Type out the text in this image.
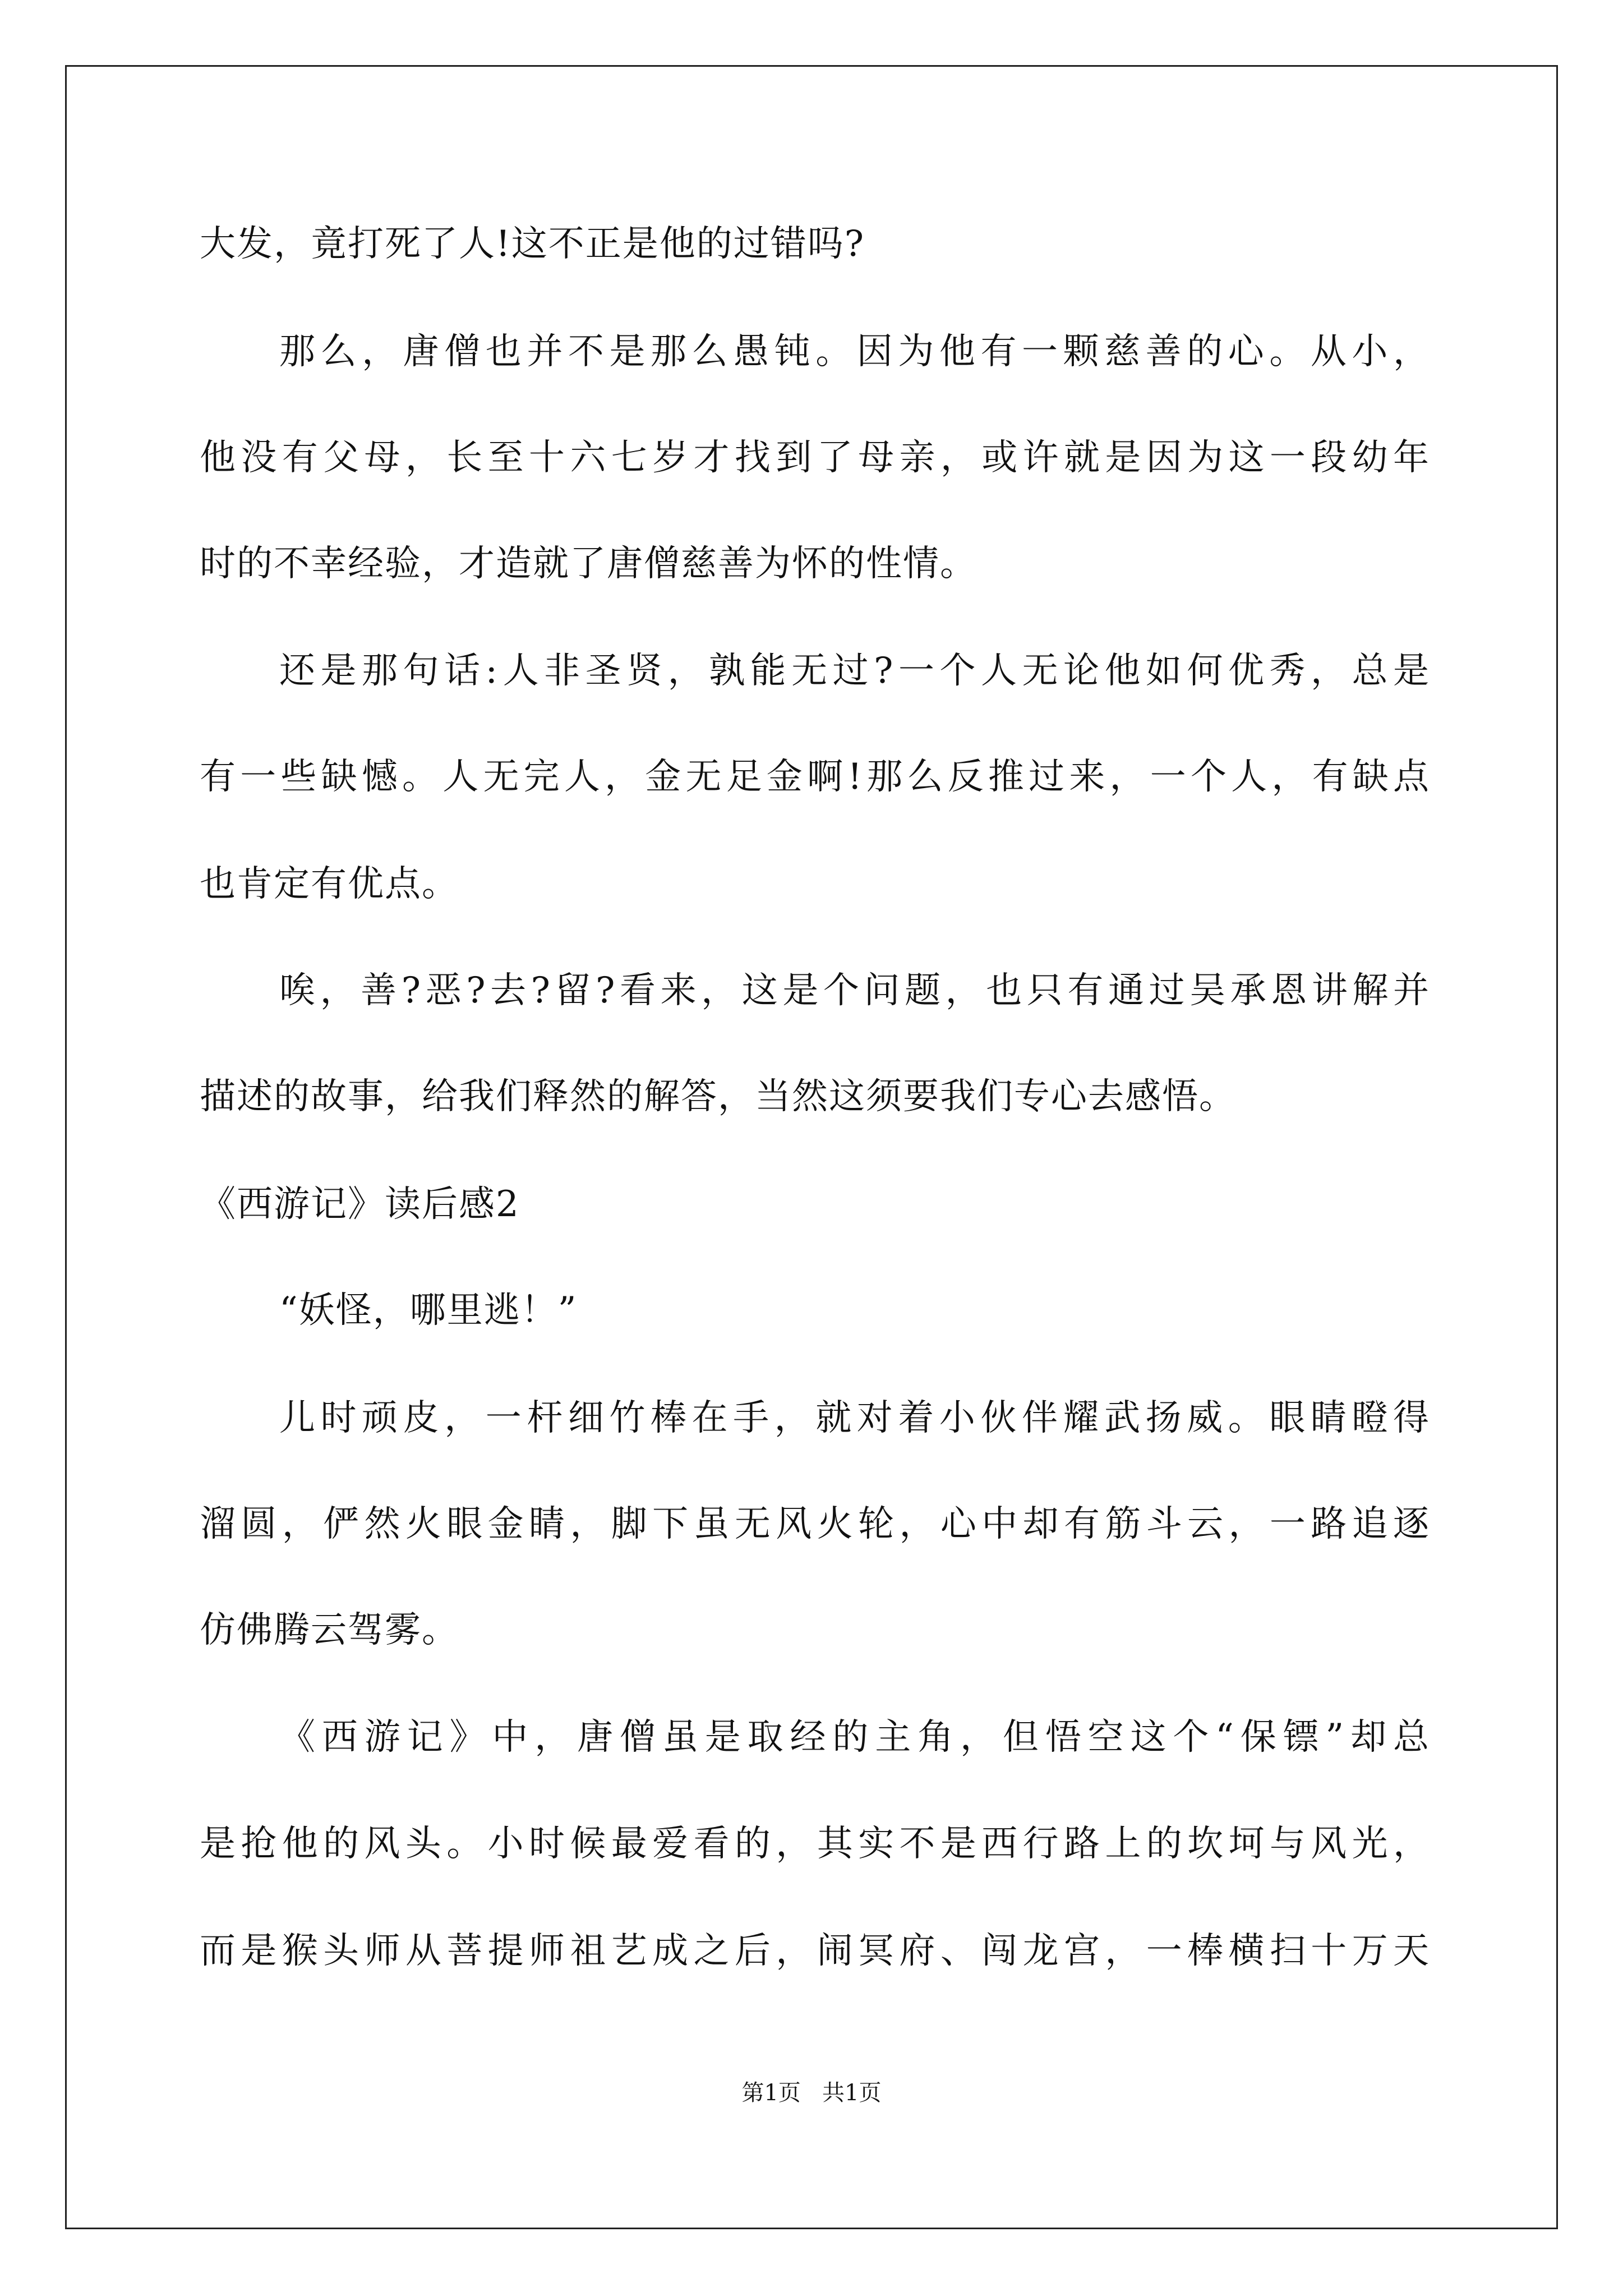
大发，竟打死了人!这不正是他的过错吗?

那么，唐僧也并不是那么愚钝。因为他有一颗慈善的心。从小，

他没有父母，长至十六七岁才找到了母亲，或许就是因为这一段幼年

时的不幸经验，才造就了唐僧慈善为怀的性情。

还是那句话:人非圣贤，孰能无过?一个人无论他如何优秀，总是

有一些缺憾。人无完人，金无足金啊!那么反推过来，一个人，有缺点

也肯定有优点。

唉，善?恶?去?留?看来，这是个问题，也只有通过吴承恩讲解并

描述的故事，给我们释然的解答，当然这须要我们专心去感悟。

《西游记》读后感2

“妖怪，哪里逃！”

儿时顽皮，一杆细竹棒在手，就对着小伙伴耀武扬威。眼睛瞪得

溜圆，俨然火眼金睛，脚下虽无风火轮，心中却有筋斗云，一路追逐

仿佛腾云驾雾。

《西游记》中，唐僧虽是取经的主角，但悟空这个“保镖”却总

是抢他的风头。小时候最爱看的，其实不是西行路上的坎坷与风光，

而是猴头师从菩提师祖艺成之后，闹冥府、闯龙宫，一棒横扫十万天

第1页   共1页
